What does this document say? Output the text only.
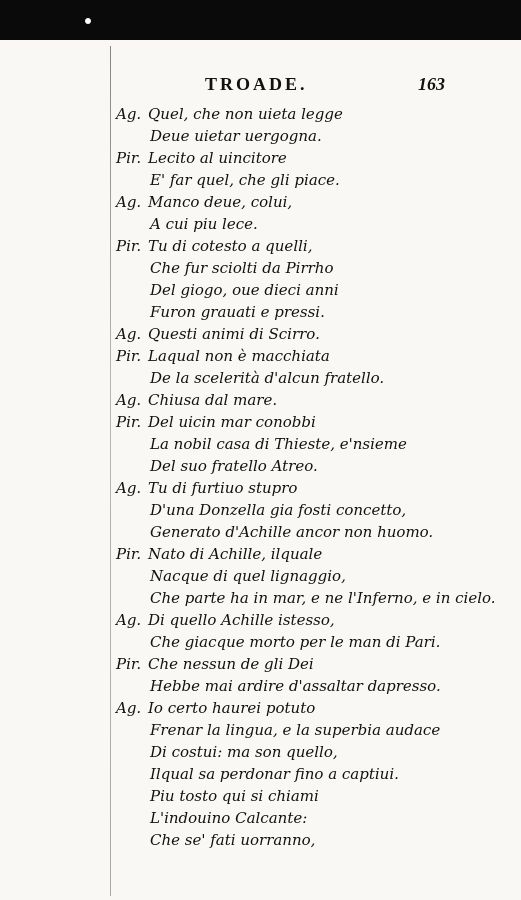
TROADE.	163
Ag. Quel, che non uieta legge
Deue uietar uergogna.
Pir. Lecito al uincitore
E' far quel, che gli piace.
Ag. Manco deue, colui,
A cui piu lece.
Pir. Tu di cotesto a quelli,
Che fur sciolti da Pirrho
Del giogo, oue dieci anni
Furon grauati e pressi.
Ag. Questi animi di Scirro.
Pir. Laqual non è macchiata
De la scelerità d'alcun fratello.
Ag. Chiusa dal mare.
Pir. Del uicin mar conobbi
La nobil casa di Thieste, e'nsieme
Del suo fratello Atreo.
Ag. Tu di furtiuo stupro
D'una Donzella gia fosti concetto,
Generato d'Achille ancor non huomo.
Pir. Nato di Achille, ilquale
Nacque di quel lignaggio,
Che parte ha in mar, e ne l'Inferno, e in cielo.
Ag. Di quello Achille istesso,
Che giacque morto per le man di Pari.
Pir. Che nessun de gli Dei
Hebbe mai ardire d'assaltar dapresso.
Ag. Io certo haurei potuto
Frenar la lingua, e la superbia audace
Di costui: ma son quello,
Ilqual sa perdonar fino a captiui.
Piu tosto qui si chiami
L'indouino Calcante:
Che se' fati uorranno,
